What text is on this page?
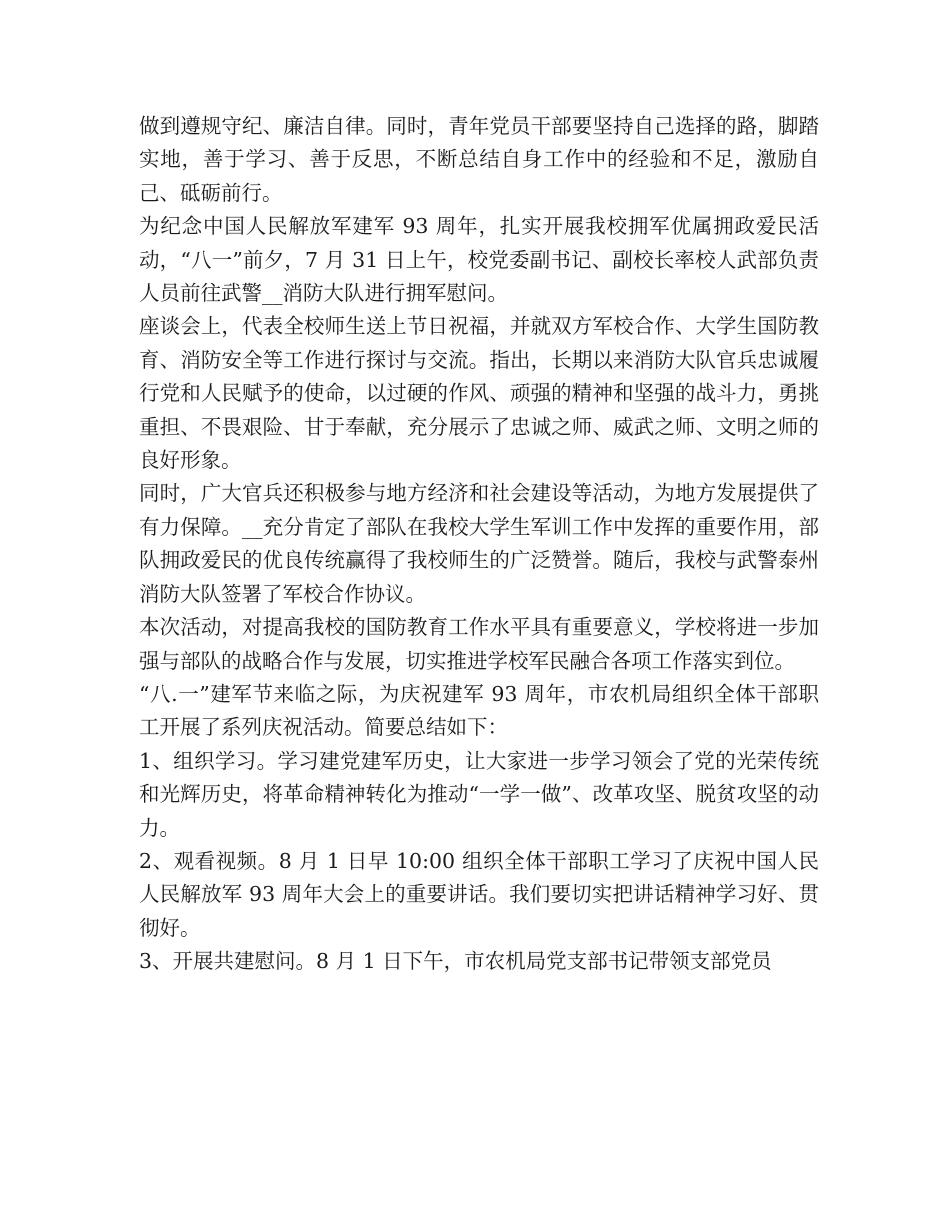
做到遵规守纪、廉洁自律。同时，青年党员干部要坚持自己选择的路，脚踏实地，善于学习、善于反思，不断总结自身工作中的经验和不足，激励自己、砥砺前行。

为纪念中国人民解放军建军 93 周年，扎实开展我校拥军优属拥政爱民活动，“八一”前夕，7 月 31 日上午，校党委副书记、副校长率校人武部负责人员前往武警__消防大队进行拥军慰问。

座谈会上，代表全校师生送上节日祝福，并就双方军校合作、大学生国防教育、消防安全等工作进行探讨与交流。指出，长期以来消防大队官兵忠诚履行党和人民赋予的使命，以过硬的作风、顽强的精神和坚强的战斗力，勇挑重担、不畏艰险、甘于奉献，充分展示了忠诚之师、威武之师、文明之师的良好形象。

同时，广大官兵还积极参与地方经济和社会建设等活动，为地方发展提供了有力保障。__充分肯定了部队在我校大学生军训工作中发挥的重要作用，部队拥政爱民的优良传统赢得了我校师生的广泛赞誉。随后，我校与武警泰州消防大队签署了军校合作协议。

本次活动，对提高我校的国防教育工作水平具有重要意义，学校将进一步加强与部队的战略合作与发展，切实推进学校军民融合各项工作落实到位。

“八.一”建军节来临之际，为庆祝建军 93 周年，市农机局组织全体干部职工开展了系列庆祝活动。简要总结如下：

1、组织学习。学习建党建军历史，让大家进一步学习领会了党的光荣传统和光辉历史，将革命精神转化为推动“一学一做”、改革攻坚、脱贫攻坚的动力。

2、观看视频。8 月 1 日早 10:00 组织全体干部职工学习了庆祝中国人民人民解放军 93 周年大会上的重要讲话。我们要切实把讲话精神学习好、贯彻好。

3、开展共建慰问。8 月 1 日下午，市农机局党支部书记带领支部党员
